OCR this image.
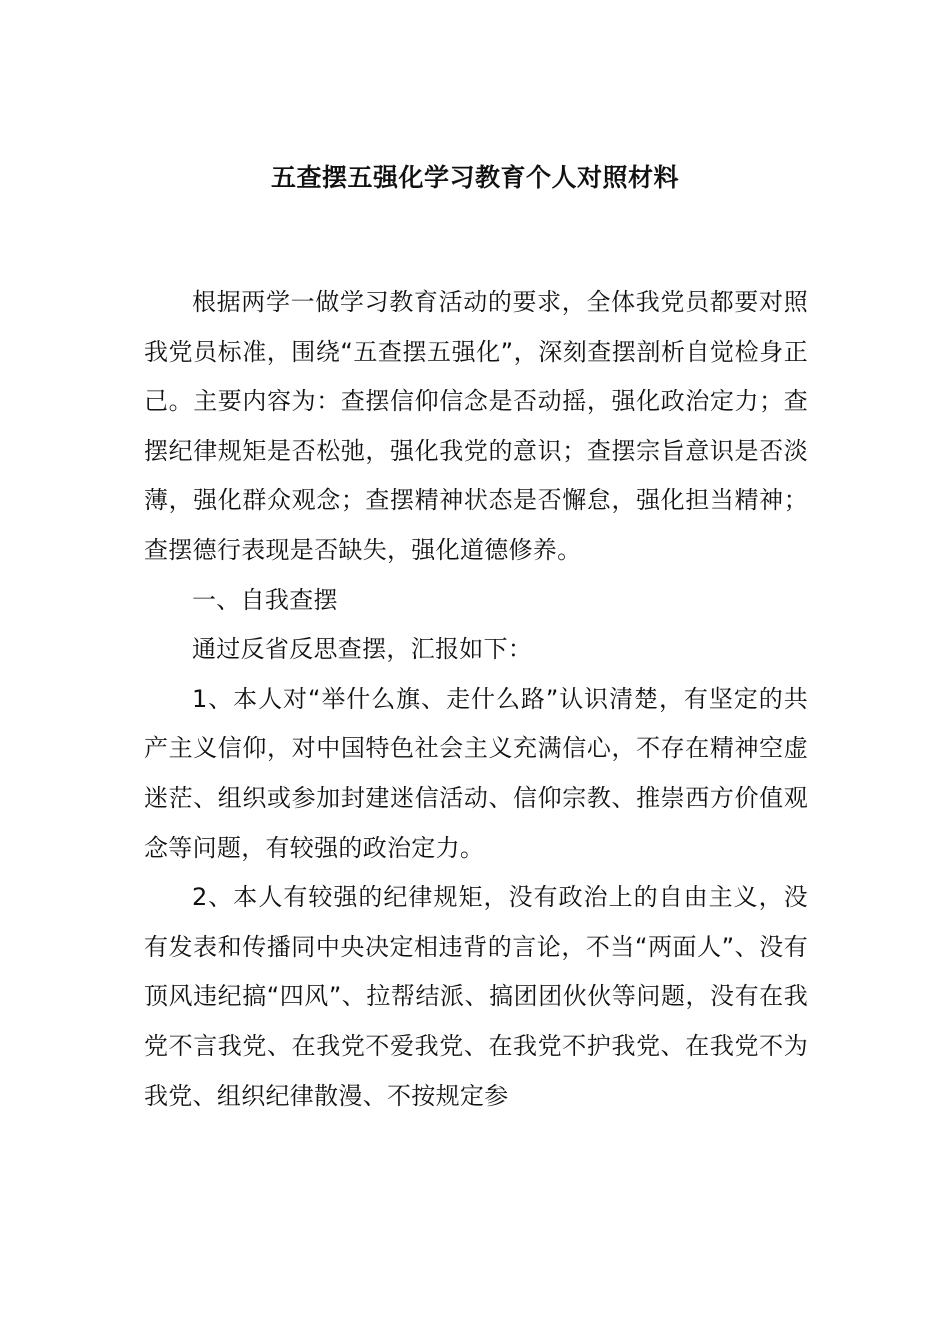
五查摆五强化学习教育个人对照材料

根据两学一做学习教育活动的要求，全体我党员都要对照我党员标准，围绕“五查摆五强化”，深刻查摆剖析自觉检身正己。主要内容为：查摆信仰信念是否动摇，强化政治定力；查摆纪律规矩是否松弛，强化我党的意识；查摆宗旨意识是否淡薄，强化群众观念；查摆精神状态是否懈怠，强化担当精神；查摆德行表现是否缺失，强化道德修养。

一、自我查摆

通过反省反思查摆，汇报如下：

1、本人对“举什么旗、走什么路”认识清楚，有坚定的共产主义信仰，对中国特色社会主义充满信心，不存在精神空虚迷茫、组织或参加封建迷信活动、信仰宗教、推崇西方价值观念等问题，有较强的政治定力。

2、本人有较强的纪律规矩，没有政治上的自由主义，没有发表和传播同中央决定相违背的言论，不当“两面人”、没有顶风违纪搞“四风”、拉帮结派、搞团团伙伙等问题，没有在我党不言我党、在我党不爱我党、在我党不护我党、在我党不为我党、组织纪律散漫、不按规定参
